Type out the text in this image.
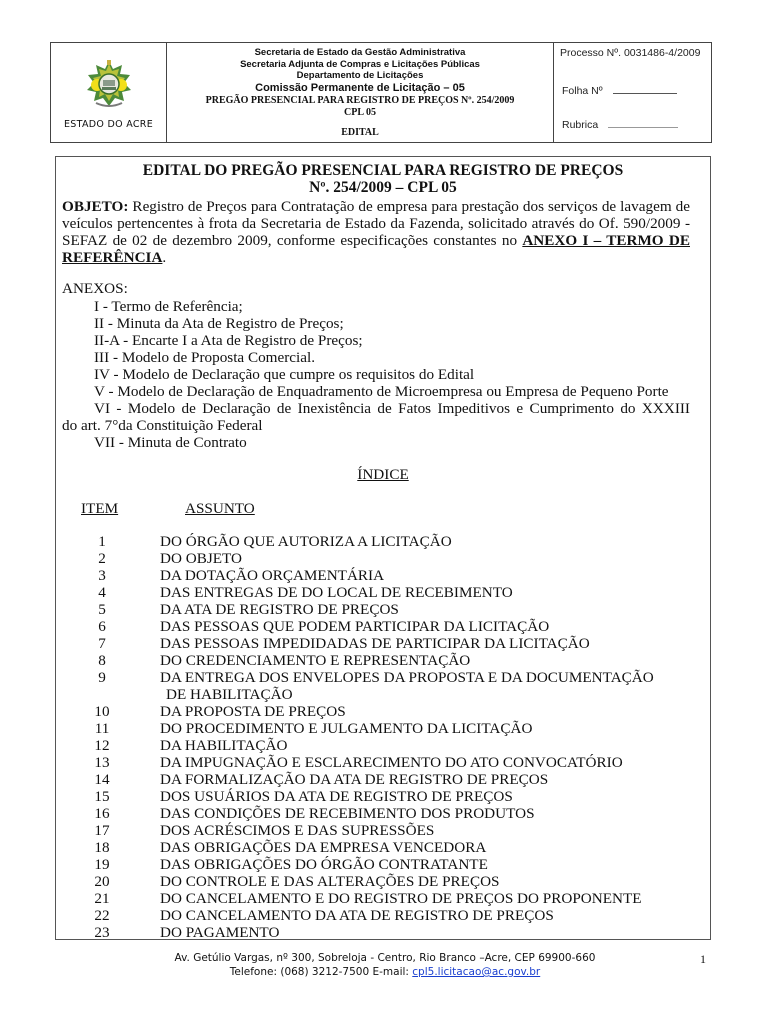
ESTADO DO ACRE
Secretaria de Estado da Gestão Administrativa
Secretaria Adjunta de Compras e Licitações Públicas
Departamento de Licitações
Comissão Permanente de Licitação – 05
PREGÃO PRESENCIAL PARA REGISTRO DE PREÇOS Nº. 254/2009
CPL 05
EDITAL
Processo Nº. 0031486-4/2009
Folha Nº
Rubrica
EDITAL DO PREGÃO PRESENCIAL PARA REGISTRO DE PREÇOS
Nº. 254/2009 – CPL 05
OBJETO: Registro de Preços para Contratação de empresa para prestação dos serviços de lavagem de veículos pertencentes à frota da Secretaria de Estado da Fazenda, solicitado através do Of. 590/2009 - SEFAZ de 02 de dezembro 2009, conforme especificações constantes no ANEXO I – TERMO DE REFERÊNCIA.
ANEXOS:
I - Termo de Referência;
II - Minuta da Ata de Registro de Preços;
II-A - Encarte I a Ata de Registro de Preços;
III - Modelo de Proposta Comercial.
IV - Modelo de Declaração que cumpre os requisitos do Edital
V - Modelo de Declaração de Enquadramento de Microempresa ou Empresa de Pequeno Porte
VI - Modelo de Declaração de Inexistência de Fatos Impeditivos e Cumprimento do XXXIII
do art. 7°da Constituição Federal
VII - Minuta de Contrato
ÍNDICE
ITEM	ASSUNTO
1	DO ÓRGÃO QUE AUTORIZA A LICITAÇÃO
2	DO OBJETO
3	DA DOTAÇÃO ORÇAMENTÁRIA
4	DAS ENTREGAS DE DO LOCAL DE RECEBIMENTO
5	DA ATA DE REGISTRO DE PREÇOS
6	DAS PESSOAS QUE PODEM PARTICIPAR DA LICITAÇÃO
7	DAS PESSOAS IMPEDIDADAS DE PARTICIPAR DA LICITAÇÃO
8	DO CREDENCIAMENTO E REPRESENTAÇÃO
9	DA ENTREGA DOS ENVELOPES DA PROPOSTA E DA DOCUMENTAÇÃO
DE HABILITAÇÃO
10	DA PROPOSTA DE PREÇOS
11	DO PROCEDIMENTO E JULGAMENTO DA LICITAÇÃO
12	DA HABILITAÇÃO
13	DA IMPUGNAÇÃO E ESCLARECIMENTO DO ATO CONVOCATÓRIO
14	DA FORMALIZAÇÃO DA ATA DE REGISTRO DE PREÇOS
15	DOS USUÁRIOS DA ATA DE REGISTRO DE PREÇOS
16	DAS CONDIÇÕES DE RECEBIMENTO DOS PRODUTOS
17	DOS ACRÉSCIMOS E DAS SUPRESSÕES
18	DAS OBRIGAÇÕES DA EMPRESA VENCEDORA
19	DAS OBRIGAÇÕES DO ÓRGÃO CONTRATANTE
20	DO CONTROLE E DAS ALTERAÇÕES DE PREÇOS
21	DO CANCELAMENTO E DO REGISTRO DE PREÇOS DO PROPONENTE
22	DO CANCELAMENTO DA ATA DE REGISTRO DE PREÇOS
23	DO PAGAMENTO
Av. Getúlio Vargas, nº 300, Sobreloja - Centro, Rio Branco –Acre, CEP 69900-660
Telefone: (068) 3212-7500 E-mail: cpl5.licitacao@ac.gov.br
1
